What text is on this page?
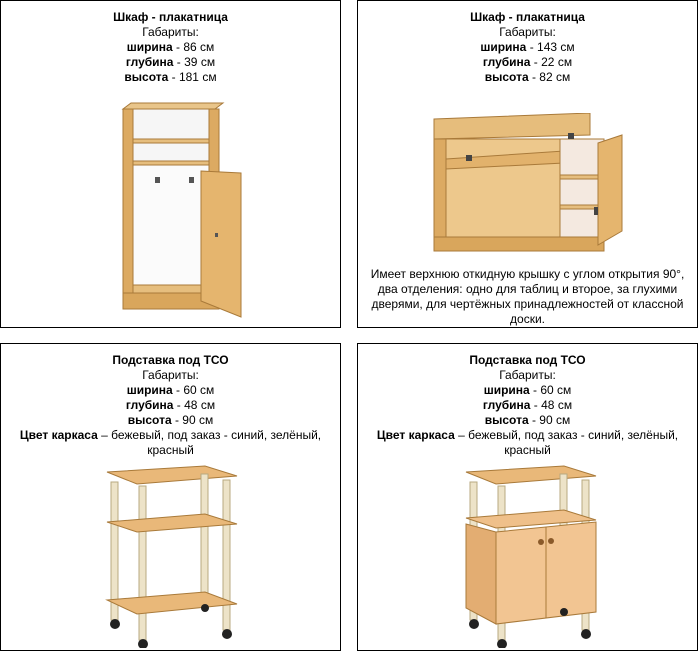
Шкаф - плакатница
Габариты:
ширина - 86 см
глубина - 39 см
высота - 181 см
Шкаф - плакатница
Габариты:
ширина - 143 см
глубина - 22 см
высота - 82 см
Имеет верхнюю откидную крышку с углом открытия 90°, два отделения: одно для таблиц и второе, за глухими дверями, для чертёжных принадлежностей от классной доски.
Подставка под ТСО
Габариты:
ширина - 60 см
глубина - 48 см
высота - 90 см
Цвет каркаса – бежевый, под заказ - синий, зелёный, красный
Подставка под ТСО
Габариты:
ширина - 60 см
глубина - 48 см
высота - 90 см
Цвет каркаса – бежевый, под заказ - синий, зелёный, красный
